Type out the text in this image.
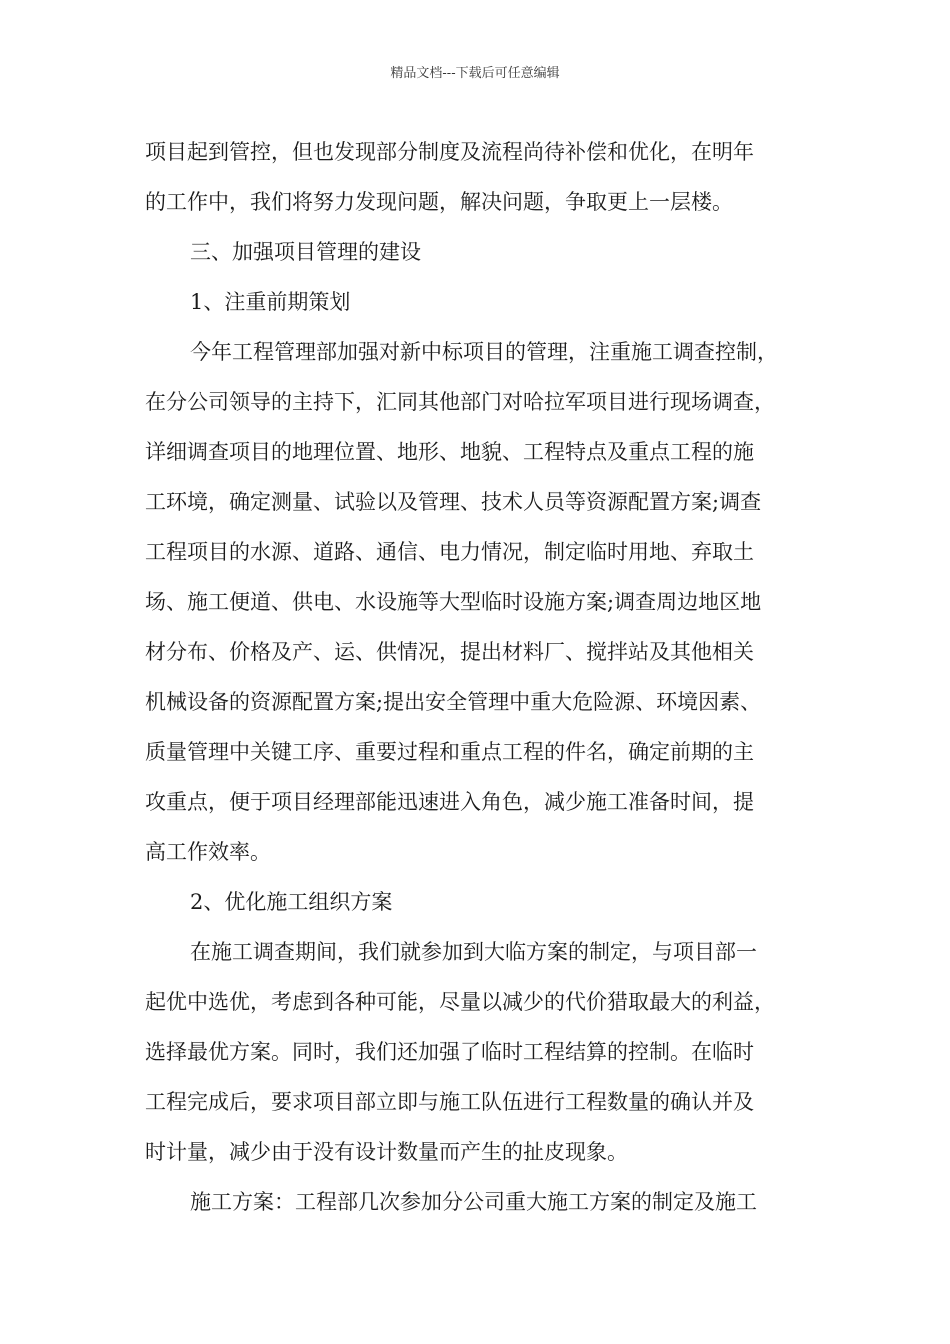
精品文档---下载后可任意编辑
项目起到管控，但也发现部分制度及流程尚待补偿和优化，在明年
的工作中，我们将努力发现问题，解决问题，争取更上一层楼。
三、加强项目管理的建设
1、注重前期策划
今年工程管理部加强对新中标项目的管理，注重施工调查控制，
在分公司领导的主持下，汇同其他部门对哈拉军项目进行现场调查，
详细调查项目的地理位置、地形、地貌、工程特点及重点工程的施
工环境，确定测量、试验以及管理、技术人员等资源配置方案;调查
工程项目的水源、道路、通信、电力情况，制定临时用地、弃取土
场、施工便道、供电、水设施等大型临时设施方案;调查周边地区地
材分布、价格及产、运、供情况，提出材料厂、搅拌站及其他相关
机械设备的资源配置方案;提出安全管理中重大危险源、环境因素、
质量管理中关键工序、重要过程和重点工程的件名，确定前期的主
攻重点，便于项目经理部能迅速进入角色，减少施工准备时间，提
高工作效率。
2、优化施工组织方案
在施工调查期间，我们就参加到大临方案的制定，与项目部一
起优中选优，考虑到各种可能，尽量以减少的代价猎取最大的利益，
选择最优方案。同时，我们还加强了临时工程结算的控制。在临时
工程完成后，要求项目部立即与施工队伍进行工程数量的确认并及
时计量，减少由于没有设计数量而产生的扯皮现象。
施工方案：工程部几次参加分公司重大施工方案的制定及施工
